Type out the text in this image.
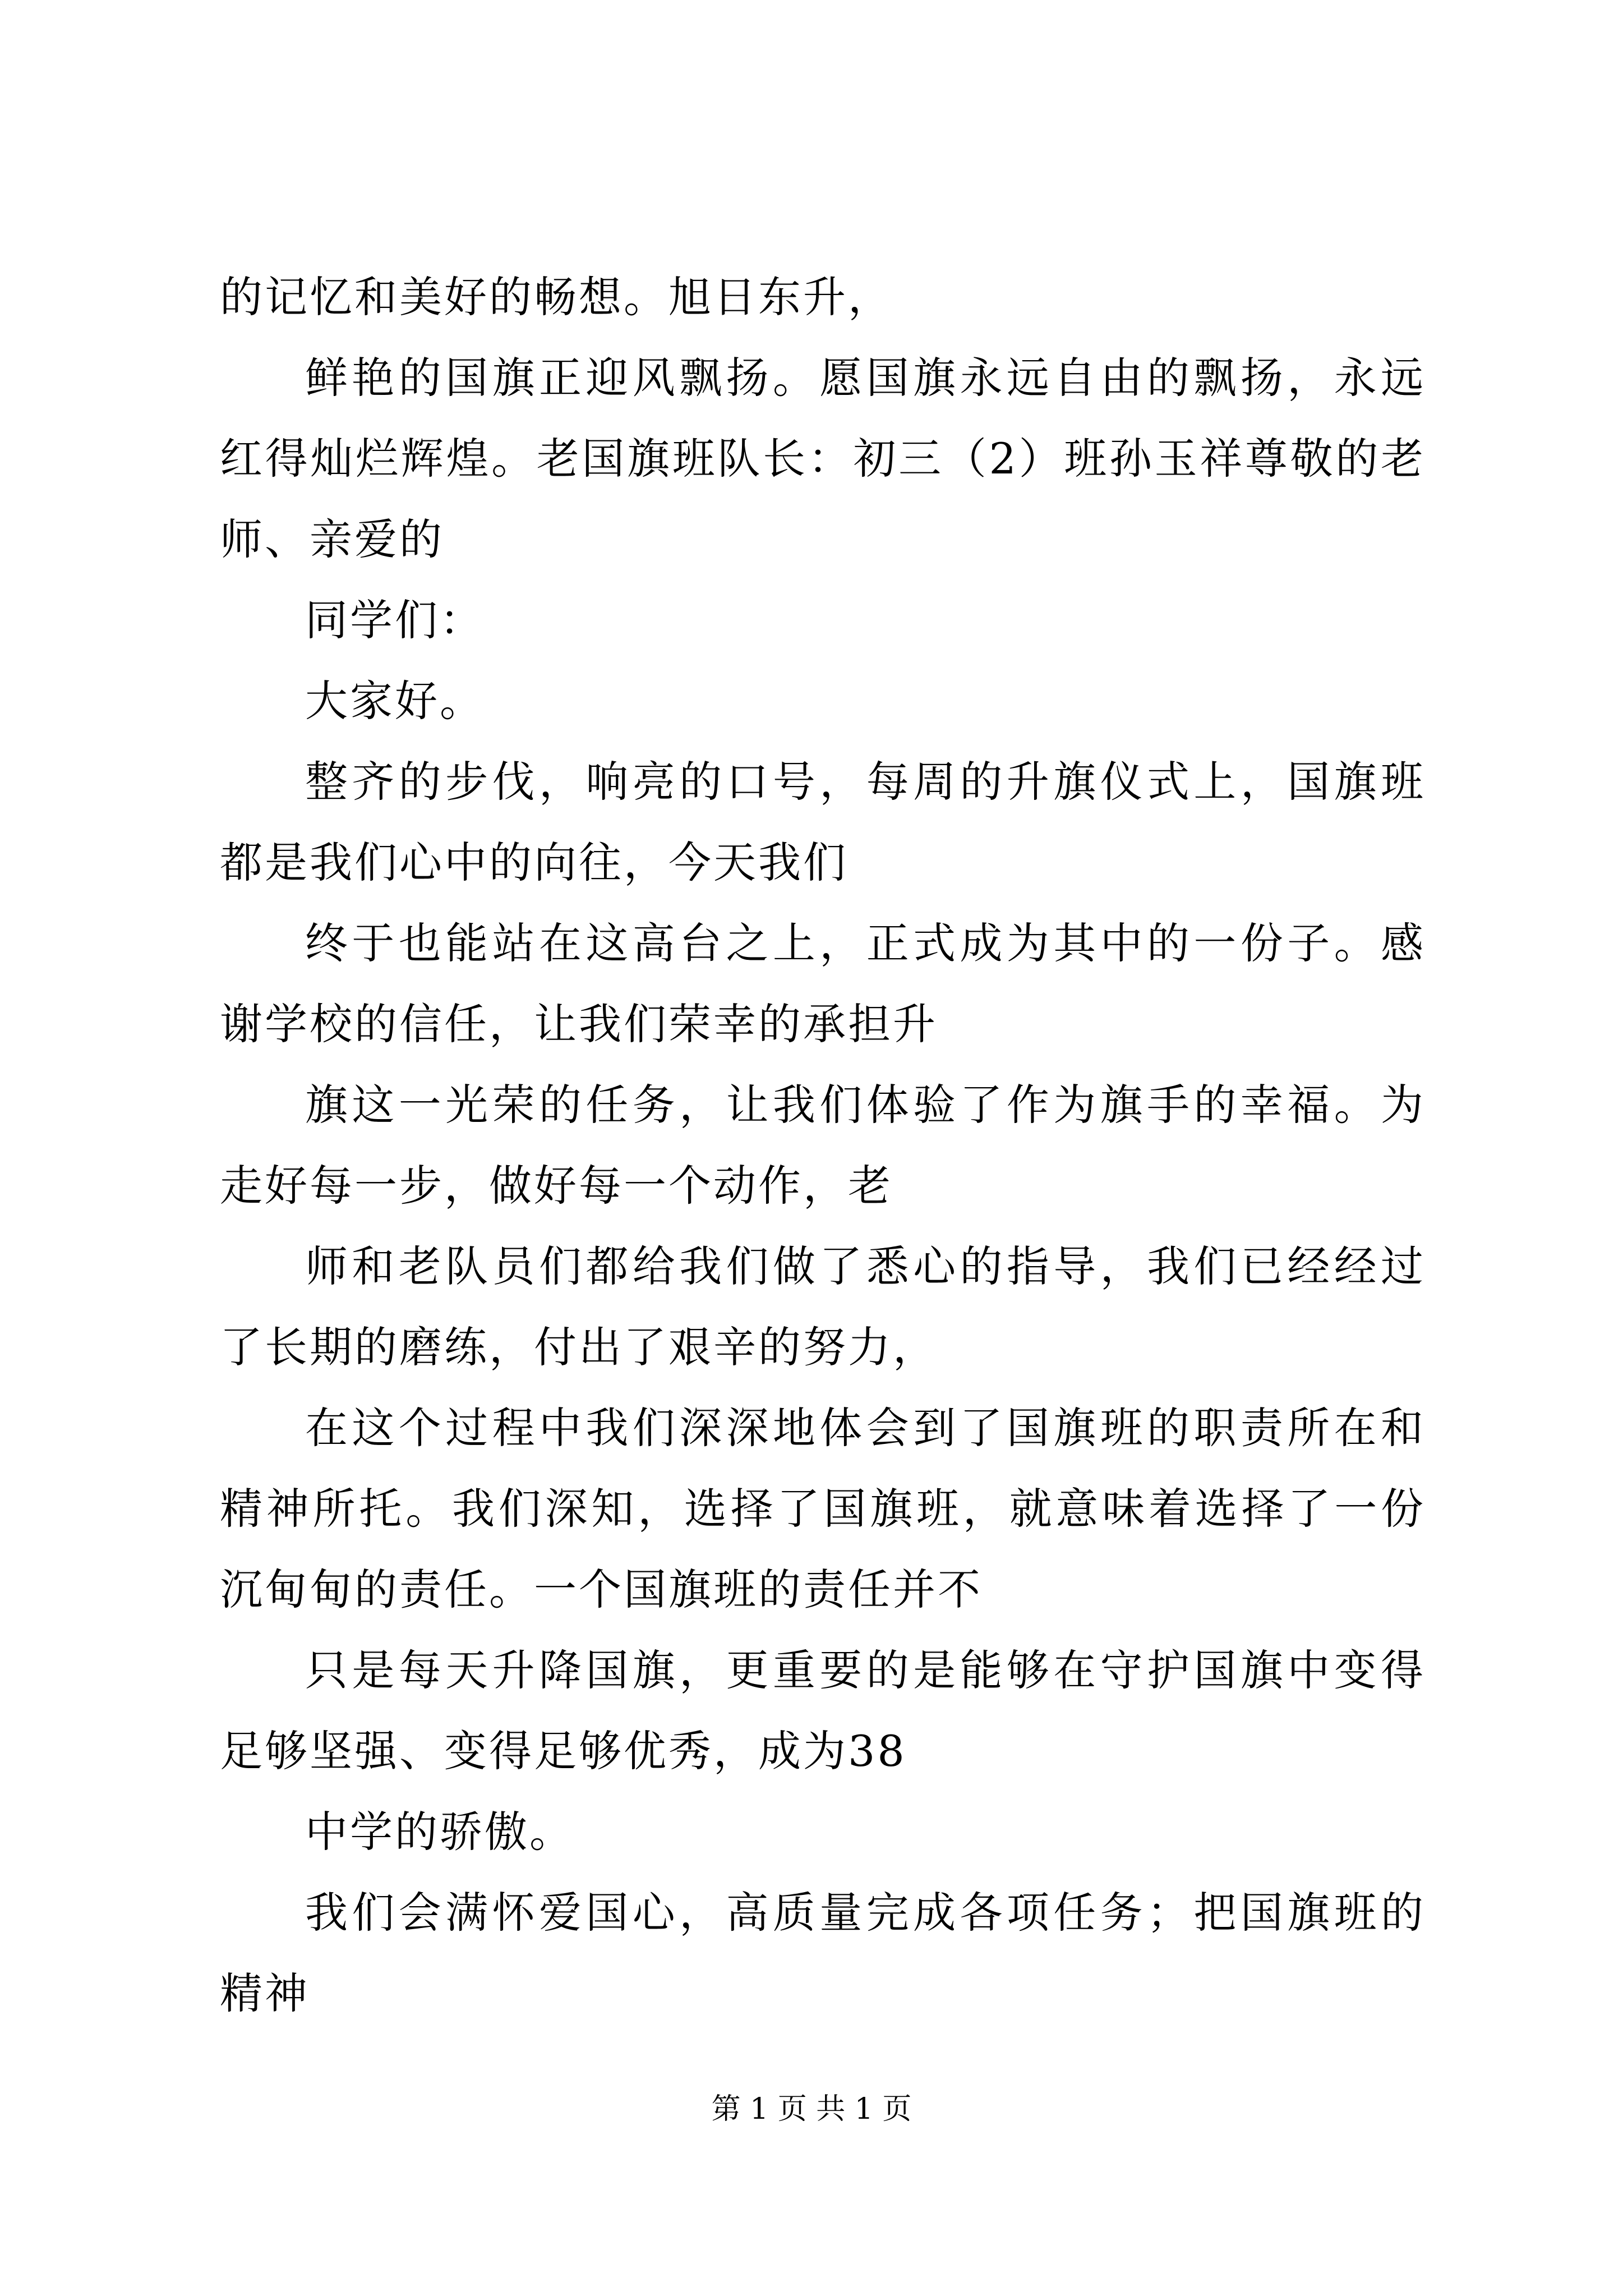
的记忆和美好的畅想。旭日东升，

鲜艳的国旗正迎风飘扬。愿国旗永远自由的飘扬，永远红得灿烂辉煌。老国旗班队长：初三（2）班孙玉祥尊敬的老师、亲爱的

同学们：

大家好。

整齐的步伐，响亮的口号，每周的升旗仪式上，国旗班都是我们心中的向往，今天我们

终于也能站在这高台之上，正式成为其中的一份子。感谢学校的信任，让我们荣幸的承担升

旗这一光荣的任务，让我们体验了作为旗手的幸福。为走好每一步，做好每一个动作，老

师和老队员们都给我们做了悉心的指导，我们已经经过了长期的磨练，付出了艰辛的努力，

在这个过程中我们深深地体会到了国旗班的职责所在和精神所托。我们深知，选择了国旗班，就意味着选择了一份沉甸甸的责任。一个国旗班的责任并不

只是每天升降国旗，更重要的是能够在守护国旗中变得足够坚强、变得足够优秀，成为38

中学的骄傲。

我们会满怀爱国心，高质量完成各项任务；把国旗班的精神

第 1 页 共 1 页
